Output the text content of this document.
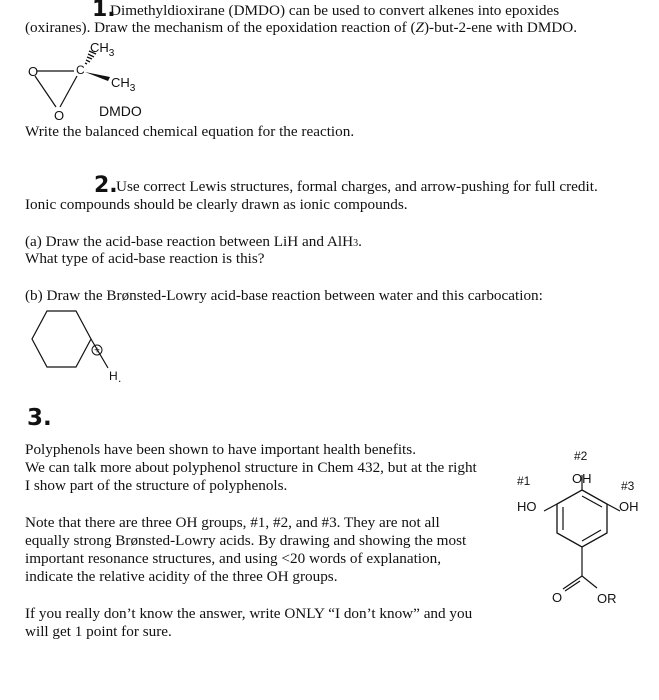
1.
Dimethyldioxirane (DMDO) can be used to convert alkenes into epoxides
(oxiranes). Draw the mechanism of the epoxidation reaction of (Z)-but-2-ene with DMDO.
O	C
O
$CH_3$
$CH_3$
DMDO
Write the balanced chemical equation for the reaction.
2.
Use correct Lewis structures, formal charges, and arrow-pushing for full credit.
Ionic compounds should be clearly drawn as ionic compounds.
(a) Draw the acid-base reaction between LiH and AlH3.
What type of acid-base reaction is this?
(b) Draw the Brønsted-Lowry acid-base reaction between water and this carbocation:
+
H .
3.
Polyphenols have been shown to have important health benefits.
We can talk more about polyphenol structure in Chem 432, but at the right
I show part of the structure of polyphenols.
Note that there are three OH groups, #1, #2, and #3. They are not all
equally strong Brønsted-Lowry acids. By drawing and showing the most
important resonance structures, and using <20 words of explanation,
indicate the relative acidity of the three OH groups.
If you really don’t know the answer, write ONLY “I don’t know” and you
will get 1 point for sure.
#1
#2
#3
OH
HO	OH
O	OR
